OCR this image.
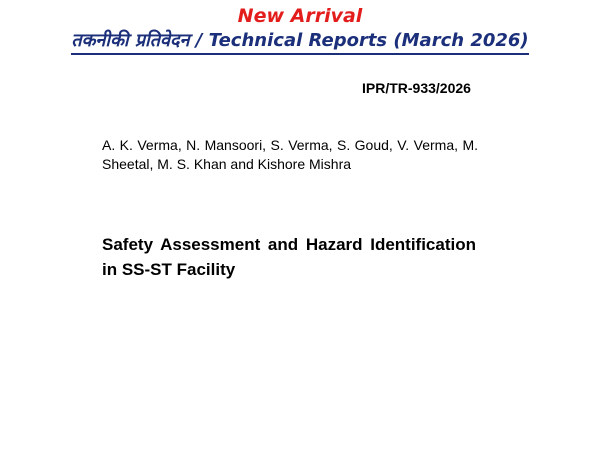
New Arrival
तकनीकी प्रतिवेदन / Technical Reports (March 2026)
IPR/TR-933/2026
A. K. Verma, N. Mansoori, S. Verma, S. Goud, V. Verma, M. Sheetal, M. S. Khan and Kishore Mishra
Safety Assessment and Hazard Identification in SS-ST Facility
